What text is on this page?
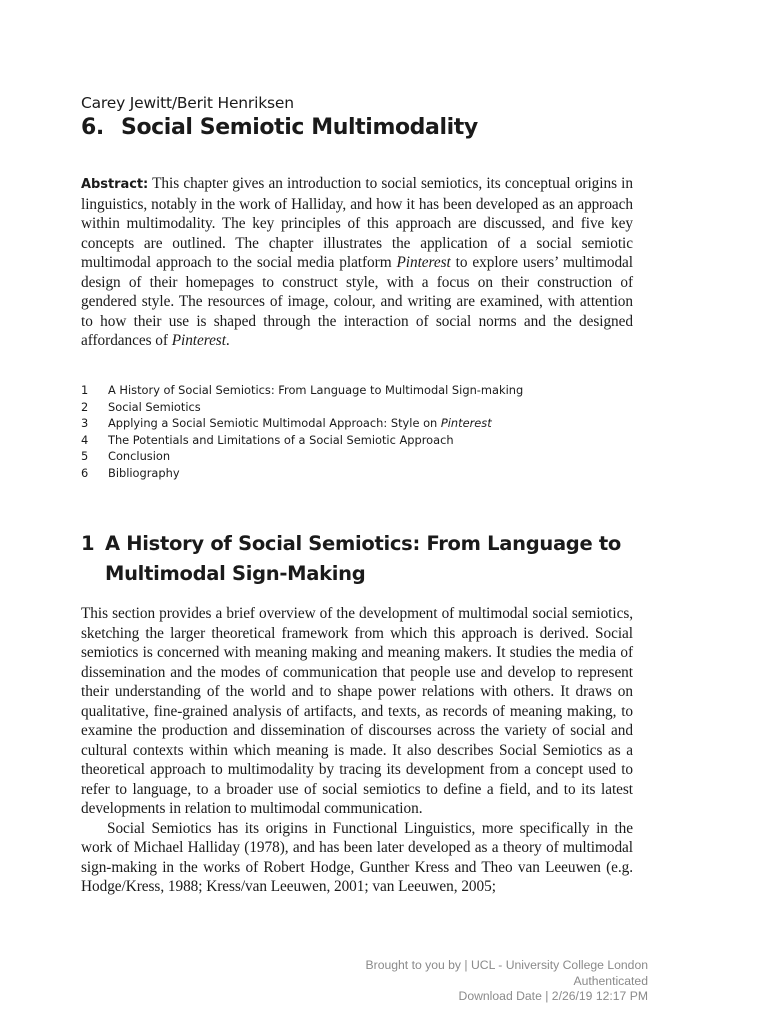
Carey Jewitt/Berit Henriksen
6. Social Semiotic Multimodality
Abstract: This chapter gives an introduction to social semiotics, its conceptual origins in linguistics, notably in the work of Halliday, and how it has been developed as an approach within multimodality. The key principles of this approach are discussed, and five key concepts are outlined. The chapter illustrates the application of a social semiotic multimodal approach to the social media platform Pinterest to explore users’ multimodal design of their homepages to construct style, with a focus on their construction of gendered style. The resources of image, colour, and writing are examined, with attention to how their use is shaped through the interaction of social norms and the designed affordances of Pinterest.
1	A History of Social Semiotics: From Language to Multimodal Sign-making
2	Social Semiotics
3	Applying a Social Semiotic Multimodal Approach: Style on Pinterest
4	The Potentials and Limitations of a Social Semiotic Approach
5	Conclusion
6	Bibliography
1 A History of Social Semiotics: From Language to Multimodal Sign-Making

This section provides a brief overview of the development of multimodal social semiotics, sketching the larger theoretical framework from which this approach is derived. Social semiotics is concerned with meaning making and meaning makers. It studies the media of dissemination and the modes of communication that people use and develop to represent their understanding of the world and to shape power relations with others. It draws on qualitative, fine-grained analysis of artifacts, and texts, as records of meaning making, to examine the production and dissemination of discourses across the variety of social and cultural contexts within which meaning is made. It also describes Social Semiotics as a theoretical approach to multimodality by tracing its development from a concept used to refer to language, to a broader use of social semiotics to define a field, and to its latest developments in relation to multimodal communication.

Social Semiotics has its origins in Functional Linguistics, more specifically in the work of Michael Halliday (1978), and has been later developed as a theory of multimodal sign-making in the works of Robert Hodge, Gunther Kress and Theo van Leeuwen (e.g. Hodge/Kress, 1988; Kress/van Leeuwen, 2001; van Leeuwen, 2005;

Brought to you by | UCL - University College London
Authenticated
Download Date | 2/26/19 12:17 PM
